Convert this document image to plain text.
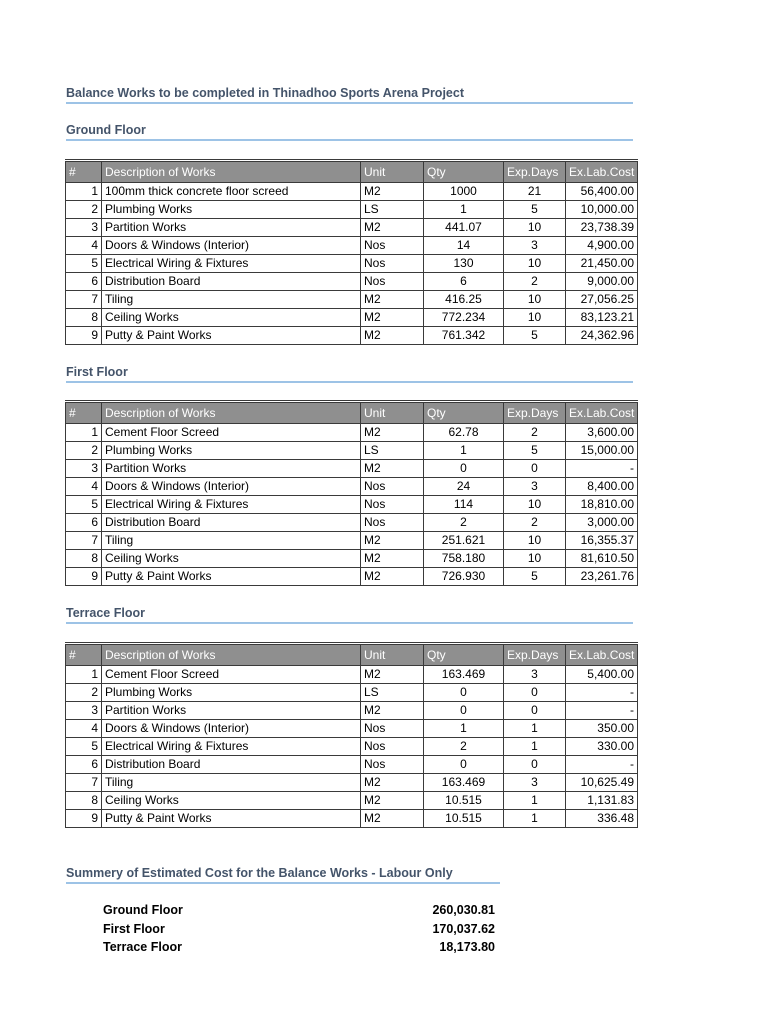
Balance Works to be completed in Thinadhoo Sports Arena Project
Ground Floor
#	Description of Works	Unit	Qty	Exp.Days	Ex.Lab.Cost
1	100mm thick concrete floor screed	M2	1000	21	56,400.00
2	Plumbing Works	LS	1	5	10,000.00
3	Partition Works	M2	441.07	10	23,738.39
4	Doors & Windows (Interior)	Nos	14	3	4,900.00
5	Electrical Wiring & Fixtures	Nos	130	10	21,450.00
6	Distribution Board	Nos	6	2	9,000.00
7	Tiling	M2	416.25	10	27,056.25
8	Ceiling Works	M2	772.234	10	83,123.21
9	Putty & Paint Works	M2	761.342	5	24,362.96
First Floor
#	Description of Works	Unit	Qty	Exp.Days	Ex.Lab.Cost
1	Cement Floor Screed	M2	62.78	2	3,600.00
2	Plumbing Works	LS	1	5	15,000.00
3	Partition Works	M2	0	0	-
4	Doors & Windows (Interior)	Nos	24	3	8,400.00
5	Electrical Wiring & Fixtures	Nos	114	10	18,810.00
6	Distribution Board	Nos	2	2	3,000.00
7	Tiling	M2	251.621	10	16,355.37
8	Ceiling Works	M2	758.180	10	81,610.50
9	Putty & Paint Works	M2	726.930	5	23,261.76
Terrace Floor
#	Description of Works	Unit	Qty	Exp.Days	Ex.Lab.Cost
1	Cement Floor Screed	M2	163.469	3	5,400.00
2	Plumbing Works	LS	0	0	-
3	Partition Works	M2	0	0	-
4	Doors & Windows (Interior)	Nos	1	1	350.00
5	Electrical Wiring & Fixtures	Nos	2	1	330.00
6	Distribution Board	Nos	0	0	-
7	Tiling	M2	163.469	3	10,625.49
8	Ceiling Works	M2	10.515	1	1,131.83
9	Putty & Paint Works	M2	10.515	1	336.48
Summery of Estimated Cost for the Balance Works - Labour Only
Ground Floor	260,030.81
First Floor	170,037.62
Terrace Floor	18,173.80
